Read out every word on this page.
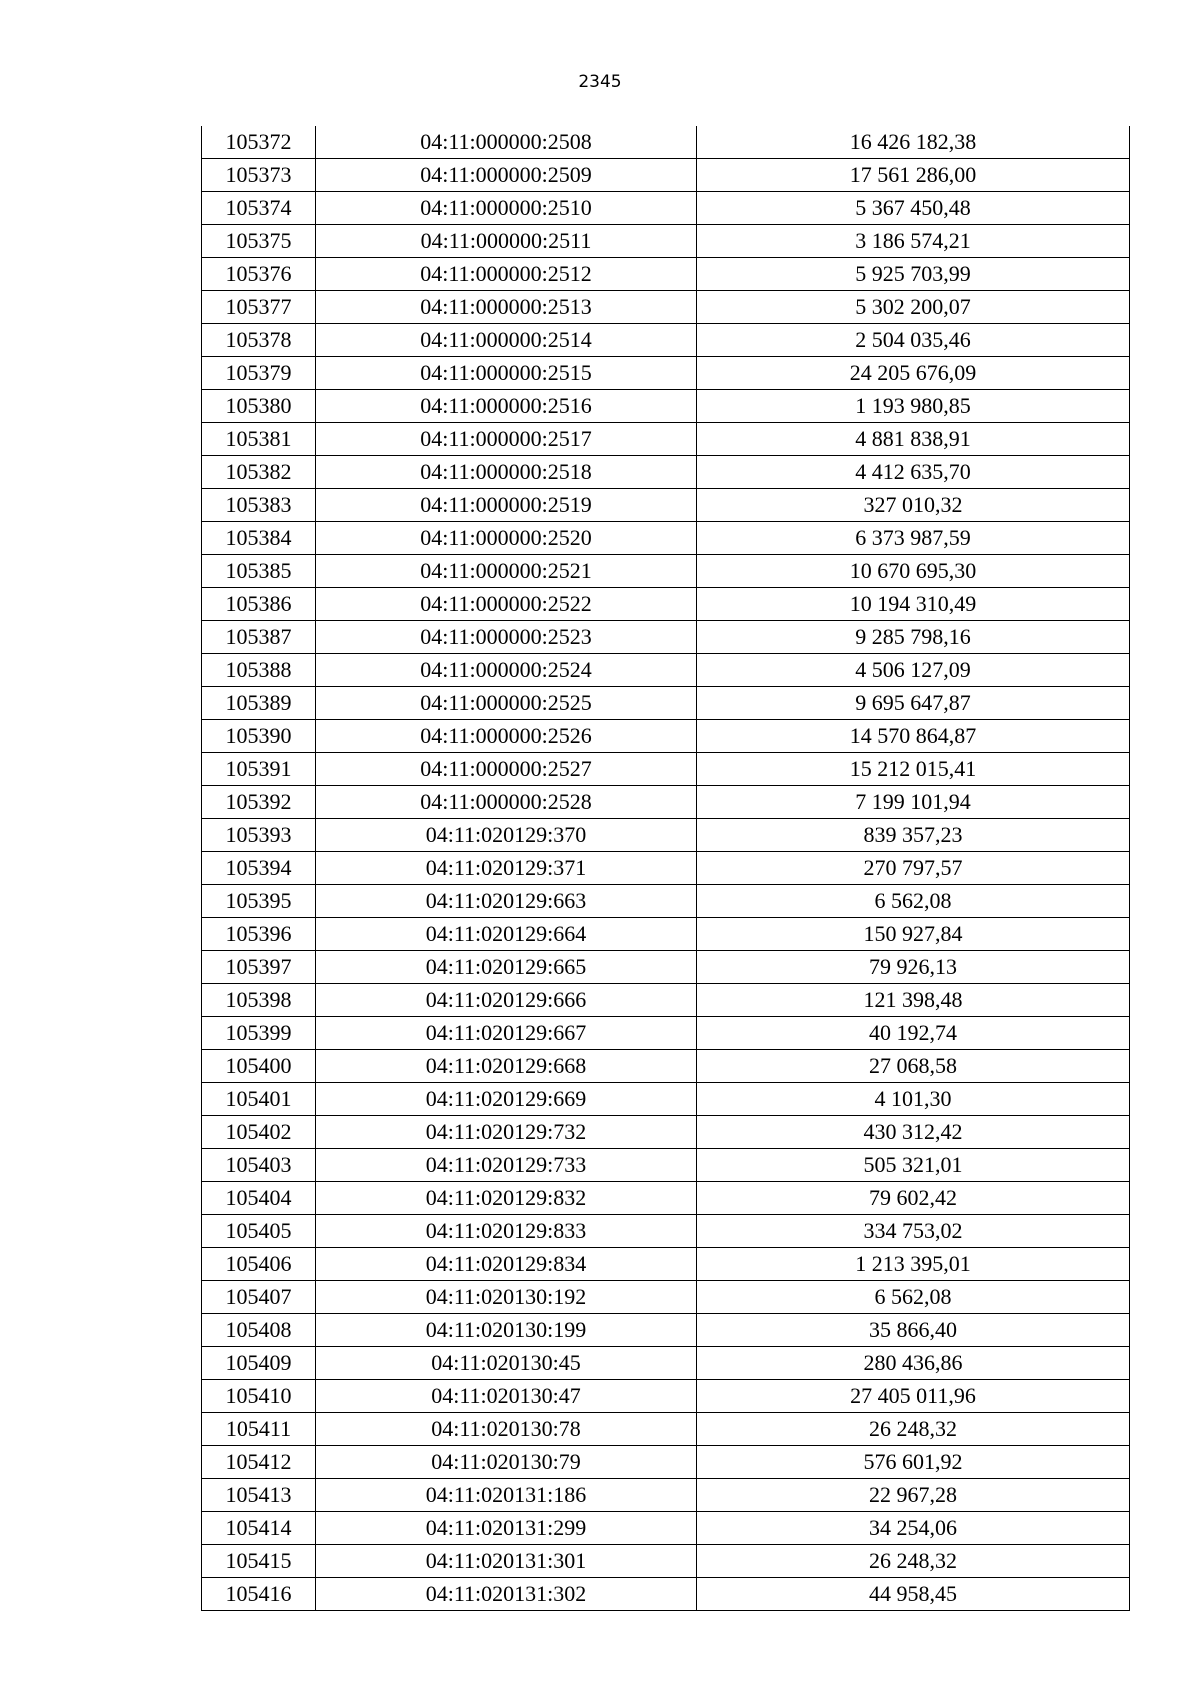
2345
105372	04:11:000000:2508	16 426 182,38
105373	04:11:000000:2509	17 561 286,00
105374	04:11:000000:2510	5 367 450,48
105375	04:11:000000:2511	3 186 574,21
105376	04:11:000000:2512	5 925 703,99
105377	04:11:000000:2513	5 302 200,07
105378	04:11:000000:2514	2 504 035,46
105379	04:11:000000:2515	24 205 676,09
105380	04:11:000000:2516	1 193 980,85
105381	04:11:000000:2517	4 881 838,91
105382	04:11:000000:2518	4 412 635,70
105383	04:11:000000:2519	327 010,32
105384	04:11:000000:2520	6 373 987,59
105385	04:11:000000:2521	10 670 695,30
105386	04:11:000000:2522	10 194 310,49
105387	04:11:000000:2523	9 285 798,16
105388	04:11:000000:2524	4 506 127,09
105389	04:11:000000:2525	9 695 647,87
105390	04:11:000000:2526	14 570 864,87
105391	04:11:000000:2527	15 212 015,41
105392	04:11:000000:2528	7 199 101,94
105393	04:11:020129:370	839 357,23
105394	04:11:020129:371	270 797,57
105395	04:11:020129:663	6 562,08
105396	04:11:020129:664	150 927,84
105397	04:11:020129:665	79 926,13
105398	04:11:020129:666	121 398,48
105399	04:11:020129:667	40 192,74
105400	04:11:020129:668	27 068,58
105401	04:11:020129:669	4 101,30
105402	04:11:020129:732	430 312,42
105403	04:11:020129:733	505 321,01
105404	04:11:020129:832	79 602,42
105405	04:11:020129:833	334 753,02
105406	04:11:020129:834	1 213 395,01
105407	04:11:020130:192	6 562,08
105408	04:11:020130:199	35 866,40
105409	04:11:020130:45	280 436,86
105410	04:11:020130:47	27 405 011,96
105411	04:11:020130:78	26 248,32
105412	04:11:020130:79	576 601,92
105413	04:11:020131:186	22 967,28
105414	04:11:020131:299	34 254,06
105415	04:11:020131:301	26 248,32
105416	04:11:020131:302	44 958,45
